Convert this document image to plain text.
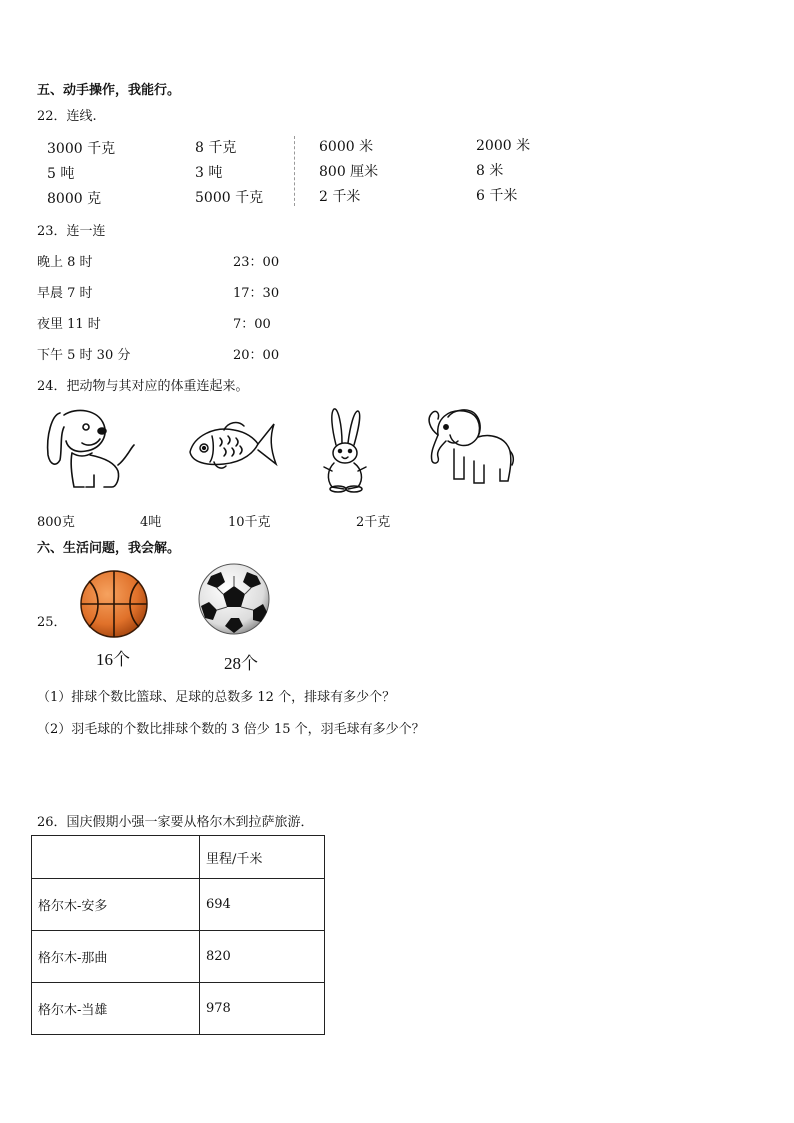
五、动手操作，我能行。
22．连线.
3000 千克
5 吨
8000 克
8 千克
3 吨
5000 千克
6000 米
800 厘米
2 千米
2000 米
8 米
6 千米
23．连一连
晚上 8 时
早晨 7 时
夜里 11 时
下午 5 时 30 分
23：00
17：30
7：00
20：00
24．把动物与其对应的体重连起来。
800克	4吨	10千克	2千克
六、生活问题，我会解。
25．
16个	28个
（1）排球个数比篮球、足球的总数多 12 个，排球有多少个？
（2）羽毛球的个数比排球个数的 3 倍少 15 个，羽毛球有多少个？
26．国庆假期小强一家要从格尔木到拉萨旅游．
	里程/千米
格尔木-安多	694
格尔木-那曲	820
格尔木-当雄	978
